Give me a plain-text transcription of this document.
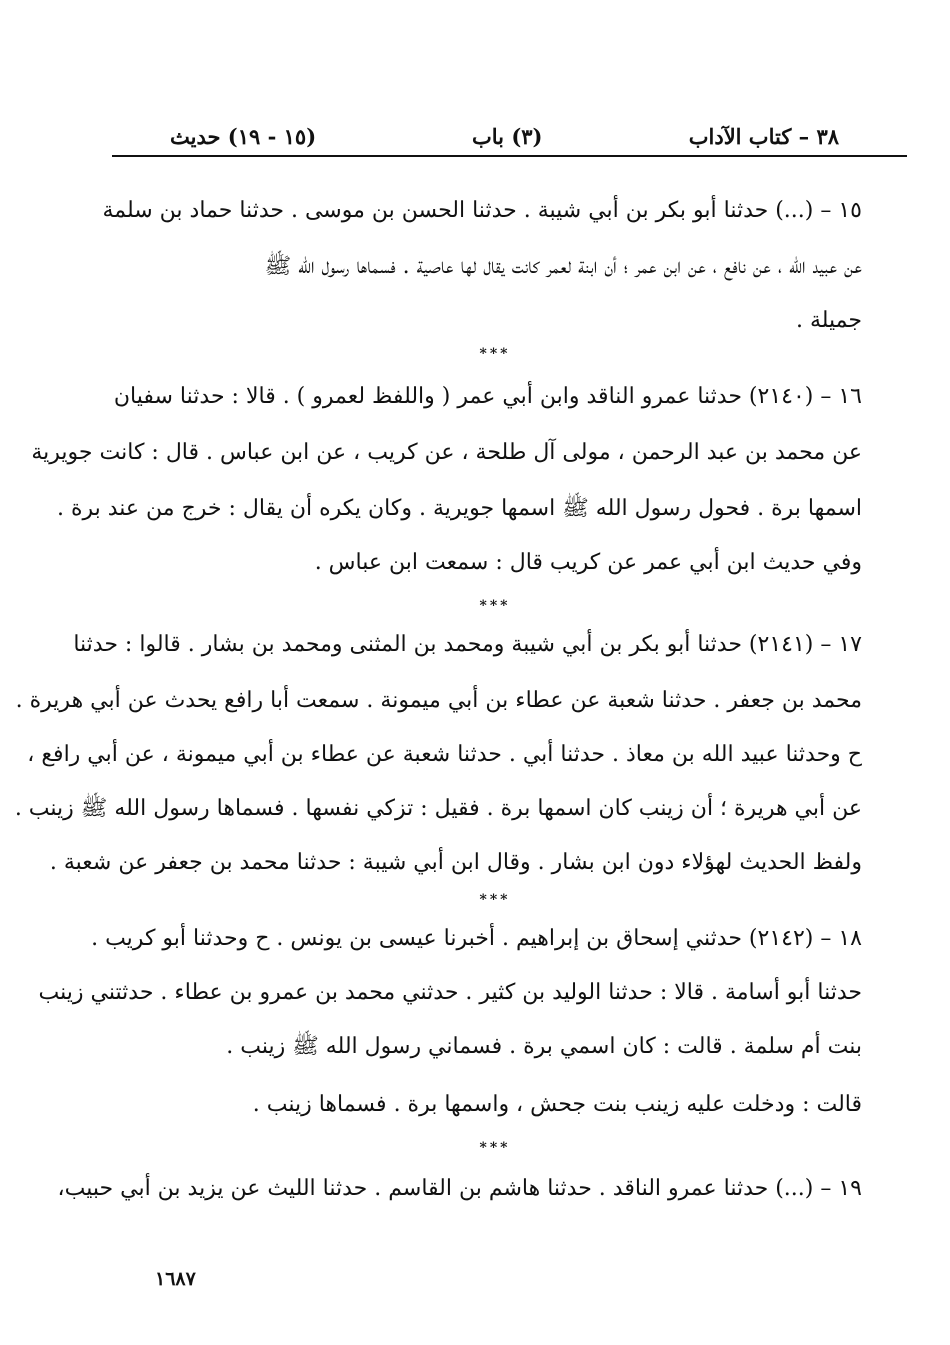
٣٨ – كتاب الآداب
(٣) باب
(١٥ - ١٩) حديث
١٥ – (...) حدثنا أبو بكر بن أبي شيبة . حدثنا الحسن بن موسى . حدثنا حماد بن سلمة
عن عبيد الله ، عن نافع ، عن ابن عمر ؛ أن ابنة لعمر كانت يقال لها عاصية . فسماها رسول الله ﷺ
جميلة .
***
١٦ – (٢١٤٠) حدثنا عمرو الناقد وابن أبي عمر ( واللفظ لعمرو ) . قالا : حدثنا سفيان
عن محمد بن عبد الرحمن ، مولى آل طلحة ، عن كريب ، عن ابن عباس . قال : كانت جويرية
اسمها برة . فحول رسول الله ﷺ اسمها جويرية . وكان يكره أن يقال : خرج من عند برة .
وفي حديث ابن أبي عمر عن كريب قال : سمعت ابن عباس .
***
١٧ – (٢١٤١) حدثنا أبو بكر بن أبي شيبة ومحمد بن المثنى ومحمد بن بشار . قالوا : حدثنا
محمد بن جعفر . حدثنا شعبة عن عطاء بن أبي ميمونة . سمعت أبا رافع يحدث عن أبي هريرة .
ح وحدثنا عبيد الله بن معاذ . حدثنا أبي . حدثنا شعبة عن عطاء بن أبي ميمونة ، عن أبي رافع ،
عن أبي هريرة ؛ أن زينب كان اسمها برة . فقيل : تزكي نفسها . فسماها رسول الله ﷺ زينب .
ولفظ الحديث لهؤلاء دون ابن بشار . وقال ابن أبي شيبة : حدثنا محمد بن جعفر عن شعبة .
***
١٨ – (٢١٤٢) حدثني إسحاق بن إبراهيم . أخبرنا عيسى بن يونس . ح وحدثنا أبو كريب .
حدثنا أبو أسامة . قالا : حدثنا الوليد بن كثير . حدثني محمد بن عمرو بن عطاء . حدثتني زينب
بنت أم سلمة . قالت : كان اسمي برة . فسماني رسول الله ﷺ زينب .
قالت : ودخلت عليه زينب بنت جحش ، واسمها برة . فسماها زينب .
***
١٩ – (...) حدثنا عمرو الناقد . حدثنا هاشم بن القاسم . حدثنا الليث عن يزيد بن أبي حبيب،
١٦٨٧
